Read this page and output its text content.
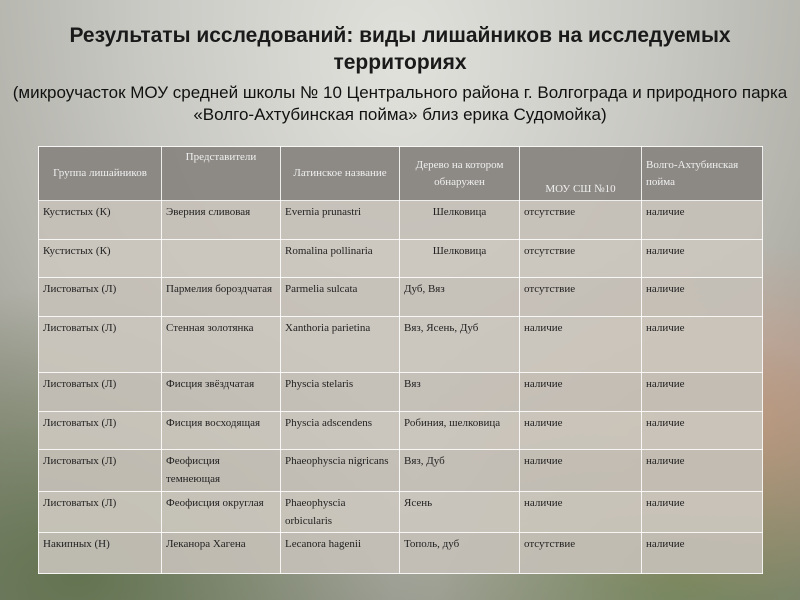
Результаты исследований: виды лишайников на исследуемых территориях

(микроучасток МОУ средней школы № 10 Центрального района г. Волгограда и природного парка «Волго-Ахтубинская пойма» близ ерика Судомойка)

Группа лишайников	Представители	Латинское название	Дерево на котором обнаружен	МОУ СШ №10	Волго-Ахтубинская пойма
Кустистых (К)	Эверния сливовая	Evernia prunastri	Шелковица	отсутствие	наличие
Кустистых (К)		Romalina pollinaria	Шелковица	отсутствие	наличие
Листоватых (Л)	Пармелия бороздчатая	Parmelia sulcata	Дуб, Вяз	отсутствие	наличие
Листоватых (Л)	Стенная золотянка	Xanthoria parietina	Вяз, Ясень, Дуб	наличие	наличие
Листоватых (Л)	Фисция звёздчатая	Physcia stelaris	Вяз	наличие	наличие
Листоватых (Л)	Фисция восходящая	Physcia adscendens	Робиния, шелковица	наличие	наличие
Листоватых (Л)	Феофисция темнеющая	Phaeophyscia nigricans	Вяз, Дуб	наличие	наличие
Листоватых (Л)	Феофисция округлая	Phaeophyscia orbicularis	Ясень	наличие	наличие
Накипных (Н)	Леканора Хагена	Lecanora hagenii	Тополь, дуб	отсутствие	наличие
